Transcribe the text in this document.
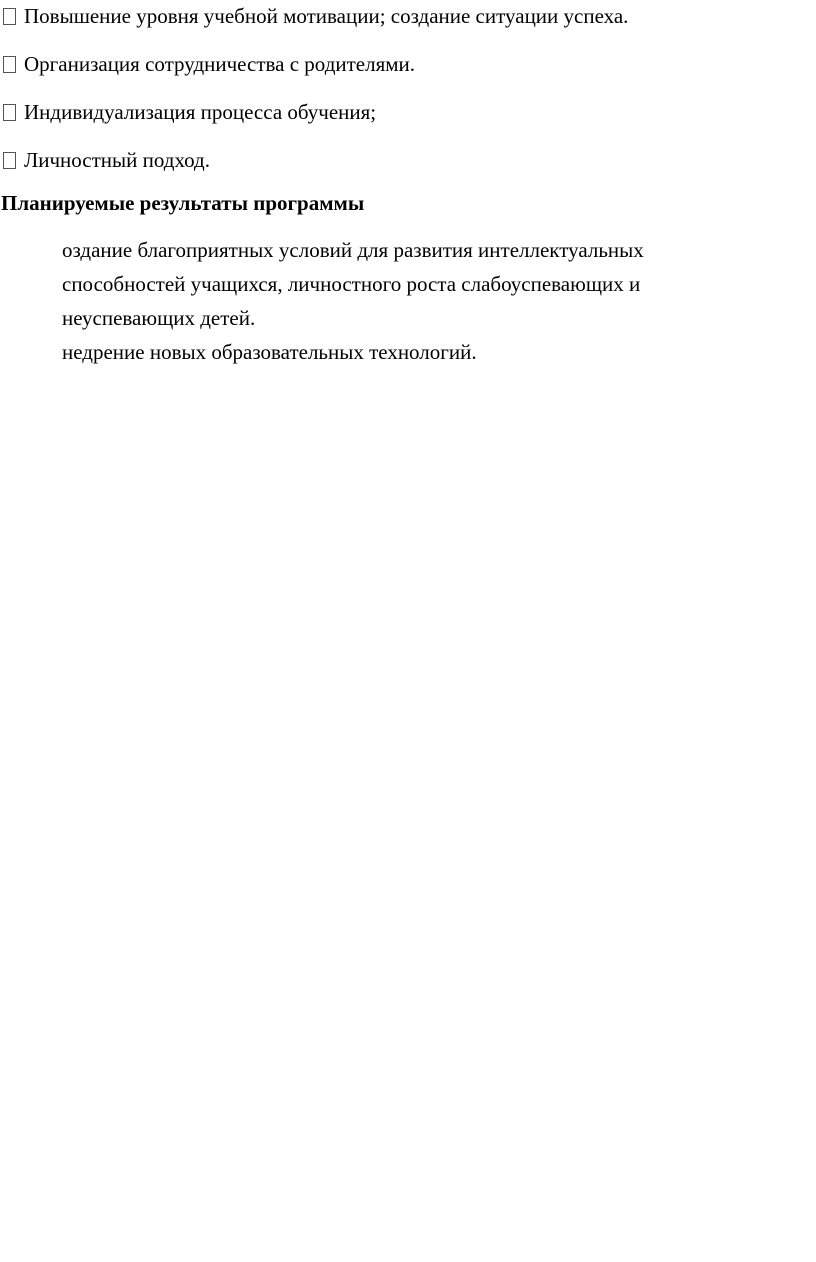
Повышение уровня учебной мотивации; создание ситуации успеха.
Организация сотрудничества с родителями.
Индивидуализация процесса обучения;
Личностный подход.
Планируемые результаты программы

оздание благоприятных условий для развития интеллектуальных способностей учащихся, личностного роста слабоуспевающих и неуспевающих детей.

недрение новых образовательных технологий.
